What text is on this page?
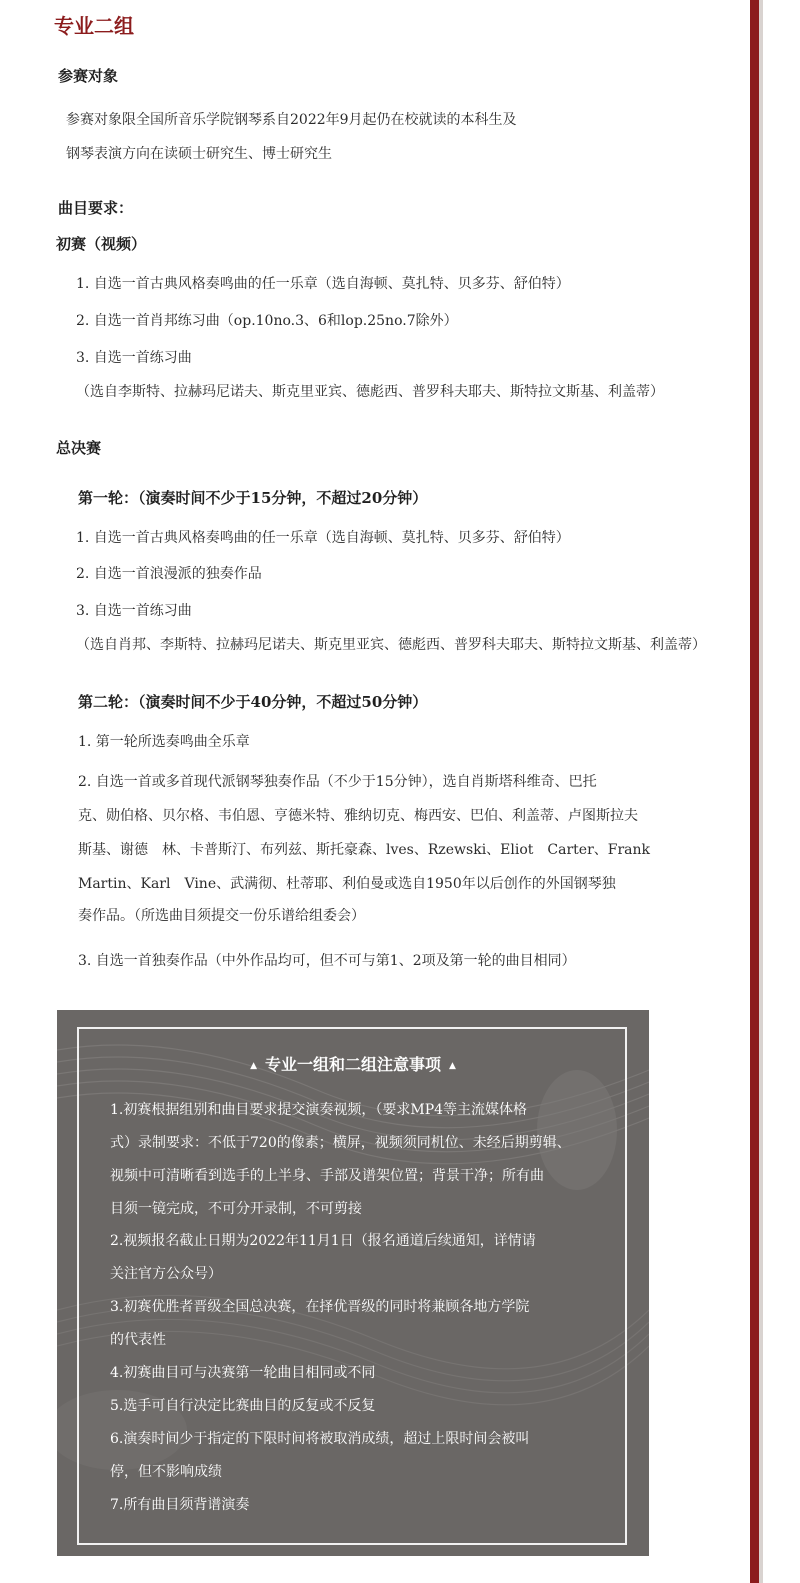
专业二组
参赛对象
参赛对象限全国所音乐学院钢琴系自2022年9月起仍在校就读的本科生及
钢琴表演方向在读硕士研究生、博士研究生
曲目要求：
初赛（视频）
1. 自选一首古典风格奏鸣曲的任一乐章（选自海顿、莫扎特、贝多芬、舒伯特）
2. 自选一首肖邦练习曲（op.10no.3、6和lop.25no.7除外）
3. 自选一首练习曲
（选自李斯特、拉赫玛尼诺夫、斯克里亚宾、德彪西、普罗科夫耶夫、斯特拉文斯基、利盖蒂）
总决赛
第一轮：（演奏时间不少于15分钟，不超过20分钟）
1. 自选一首古典风格奏鸣曲的任一乐章（选自海顿、莫扎特、贝多芬、舒伯特）
2. 自选一首浪漫派的独奏作品
3. 自选一首练习曲
（选自肖邦、李斯特、拉赫玛尼诺夫、斯克里亚宾、德彪西、普罗科夫耶夫、斯特拉文斯基、利盖蒂）
第二轮：（演奏时间不少于40分钟，不超过50分钟）
1. 第一轮所选奏鸣曲全乐章
2. 自选一首或多首现代派钢琴独奏作品（不少于15分钟），选自肖斯塔科维奇、巴托
克、勋伯格、贝尔格、韦伯恩、亨德米特、雅纳切克、梅西安、巴伯、利盖蒂、卢图斯拉夫
斯基、谢德　林、卡普斯汀、布列兹、斯托豪森、lves、Rzewski、Eliot　Carter、Frank
Martin、Karl　Vine、武满彻、杜蒂耶、利伯曼或选自1950年以后创作的外国钢琴独
奏作品。（所选曲目须提交一份乐谱给组委会）
3. 自选一首独奏作品（中外作品均可，但不可与第1、2项及第一轮的曲目相同）
▲ 专业一组和二组注意事项 ▲
1.初赛根据组别和曲目要求提交演奏视频，（要求MP4等主流媒体格
式）录制要求：不低于720的像素；横屏，视频须同机位、未经后期剪辑、
视频中可清晰看到选手的上半身、手部及谱架位置；背景干净；所有曲
目须一镜完成，不可分开录制，不可剪接
2.视频报名截止日期为2022年11月1日（报名通道后续通知，详情请
关注官方公众号）
3.初赛优胜者晋级全国总决赛，在择优晋级的同时将兼顾各地方学院
的代表性
4.初赛曲目可与决赛第一轮曲目相同或不同
5.选手可自行决定比赛曲目的反复或不反复
6.演奏时间少于指定的下限时间将被取消成绩，超过上限时间会被叫
停，但不影响成绩
7.所有曲目须背谱演奏
